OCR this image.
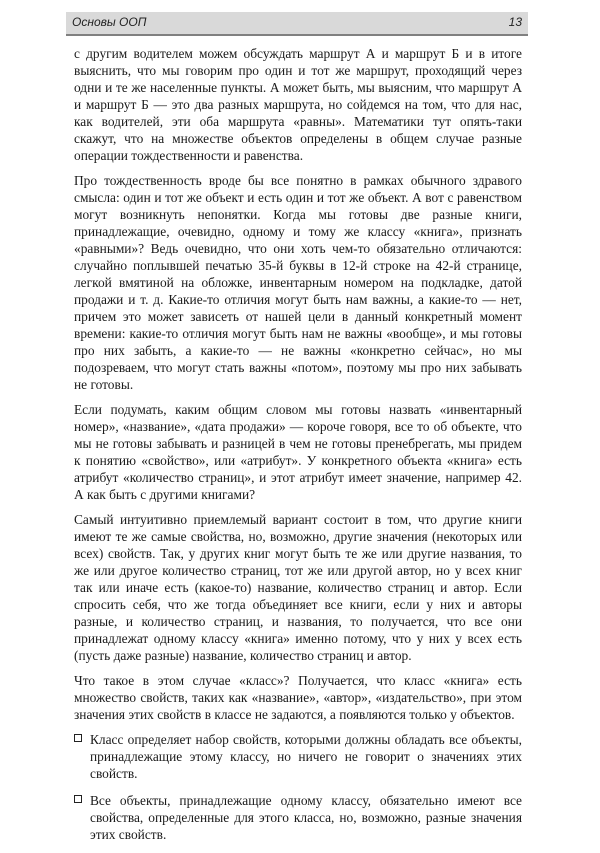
Основы ООП	13

с другим водителем можем обсуждать маршрут А и маршрут Б и в итоге выяснить, что мы говорим про один и тот же маршрут, проходящий через одни и те же населенные пункты. А может быть, мы выясним, что маршрут А и маршрут Б — это два разных маршрута, но сойдемся на том, что для нас, как водителей, эти оба маршрута «равны». Математики тут опять-таки скажут, что на множестве объектов определены в общем случае разные операции тождественности и равенства.

Про тождественность вроде бы все понятно в рамках обычного здравого смысла: один и тот же объект и есть один и тот же объект. А вот с равенством могут возникнуть непонятки. Когда мы готовы две разные книги, принадлежащие, очевидно, одному и тому же классу «книга», признать «равными»? Ведь очевидно, что они хоть чем-то обязательно отличаются: случайно поплывшей печатью 35-й буквы в 12-й строке на 42-й странице, легкой вмятиной на обложке, инвентарным номером на подкладке, датой продажи и т. д. Какие-то отличия могут быть нам важны, а какие-то — нет, причем это может зависеть от нашей цели в данный конкретный момент времени: какие-то отличия могут быть нам не важны «вообще», и мы готовы про них забыть, а какие-то — не важны «конкретно сейчас», но мы подозреваем, что могут стать важны «потом», поэтому мы про них забывать не готовы.

Если подумать, каким общим словом мы готовы назвать «инвентарный номер», «название», «дата продажи» — короче говоря, все то об объекте, что мы не готовы забывать и разницей в чем не готовы пренебрегать, мы придем к понятию «свойство», или «атрибут». У конкретного объекта «книга» есть атрибут «количество страниц», и этот атрибут имеет значение, например 42. А как быть с другими книгами?

Самый интуитивно приемлемый вариант состоит в том, что другие книги имеют те же самые свойства, но, возможно, другие значения (некоторых или всех) свойств. Так, у других книг могут быть те же или другие названия, то же или другое количество страниц, тот же или другой автор, но у всех книг так или иначе есть (какое-то) название, количество страниц и автор. Если спросить себя, что же тогда объединяет все книги, если у них и авторы разные, и количество страниц, и названия, то получается, что все они принадлежат одному классу «книга» именно потому, что у них у всех есть (пусть даже разные) название, количество страниц и автор.

Что такое в этом случае «класс»? Получается, что класс «книга» есть множество свойств, таких как «название», «автор», «издательство», при этом значения этих свойств в классе не задаются, а появляются только у объектов.

Класс определяет набор свойств, которыми должны обладать все объекты, принадлежащие этому классу, но ничего не говорит о значениях этих свойств.
Все объекты, принадлежащие одному классу, обязательно имеют все свойства, определенные для этого класса, но, возможно, разные значения этих свойств.
